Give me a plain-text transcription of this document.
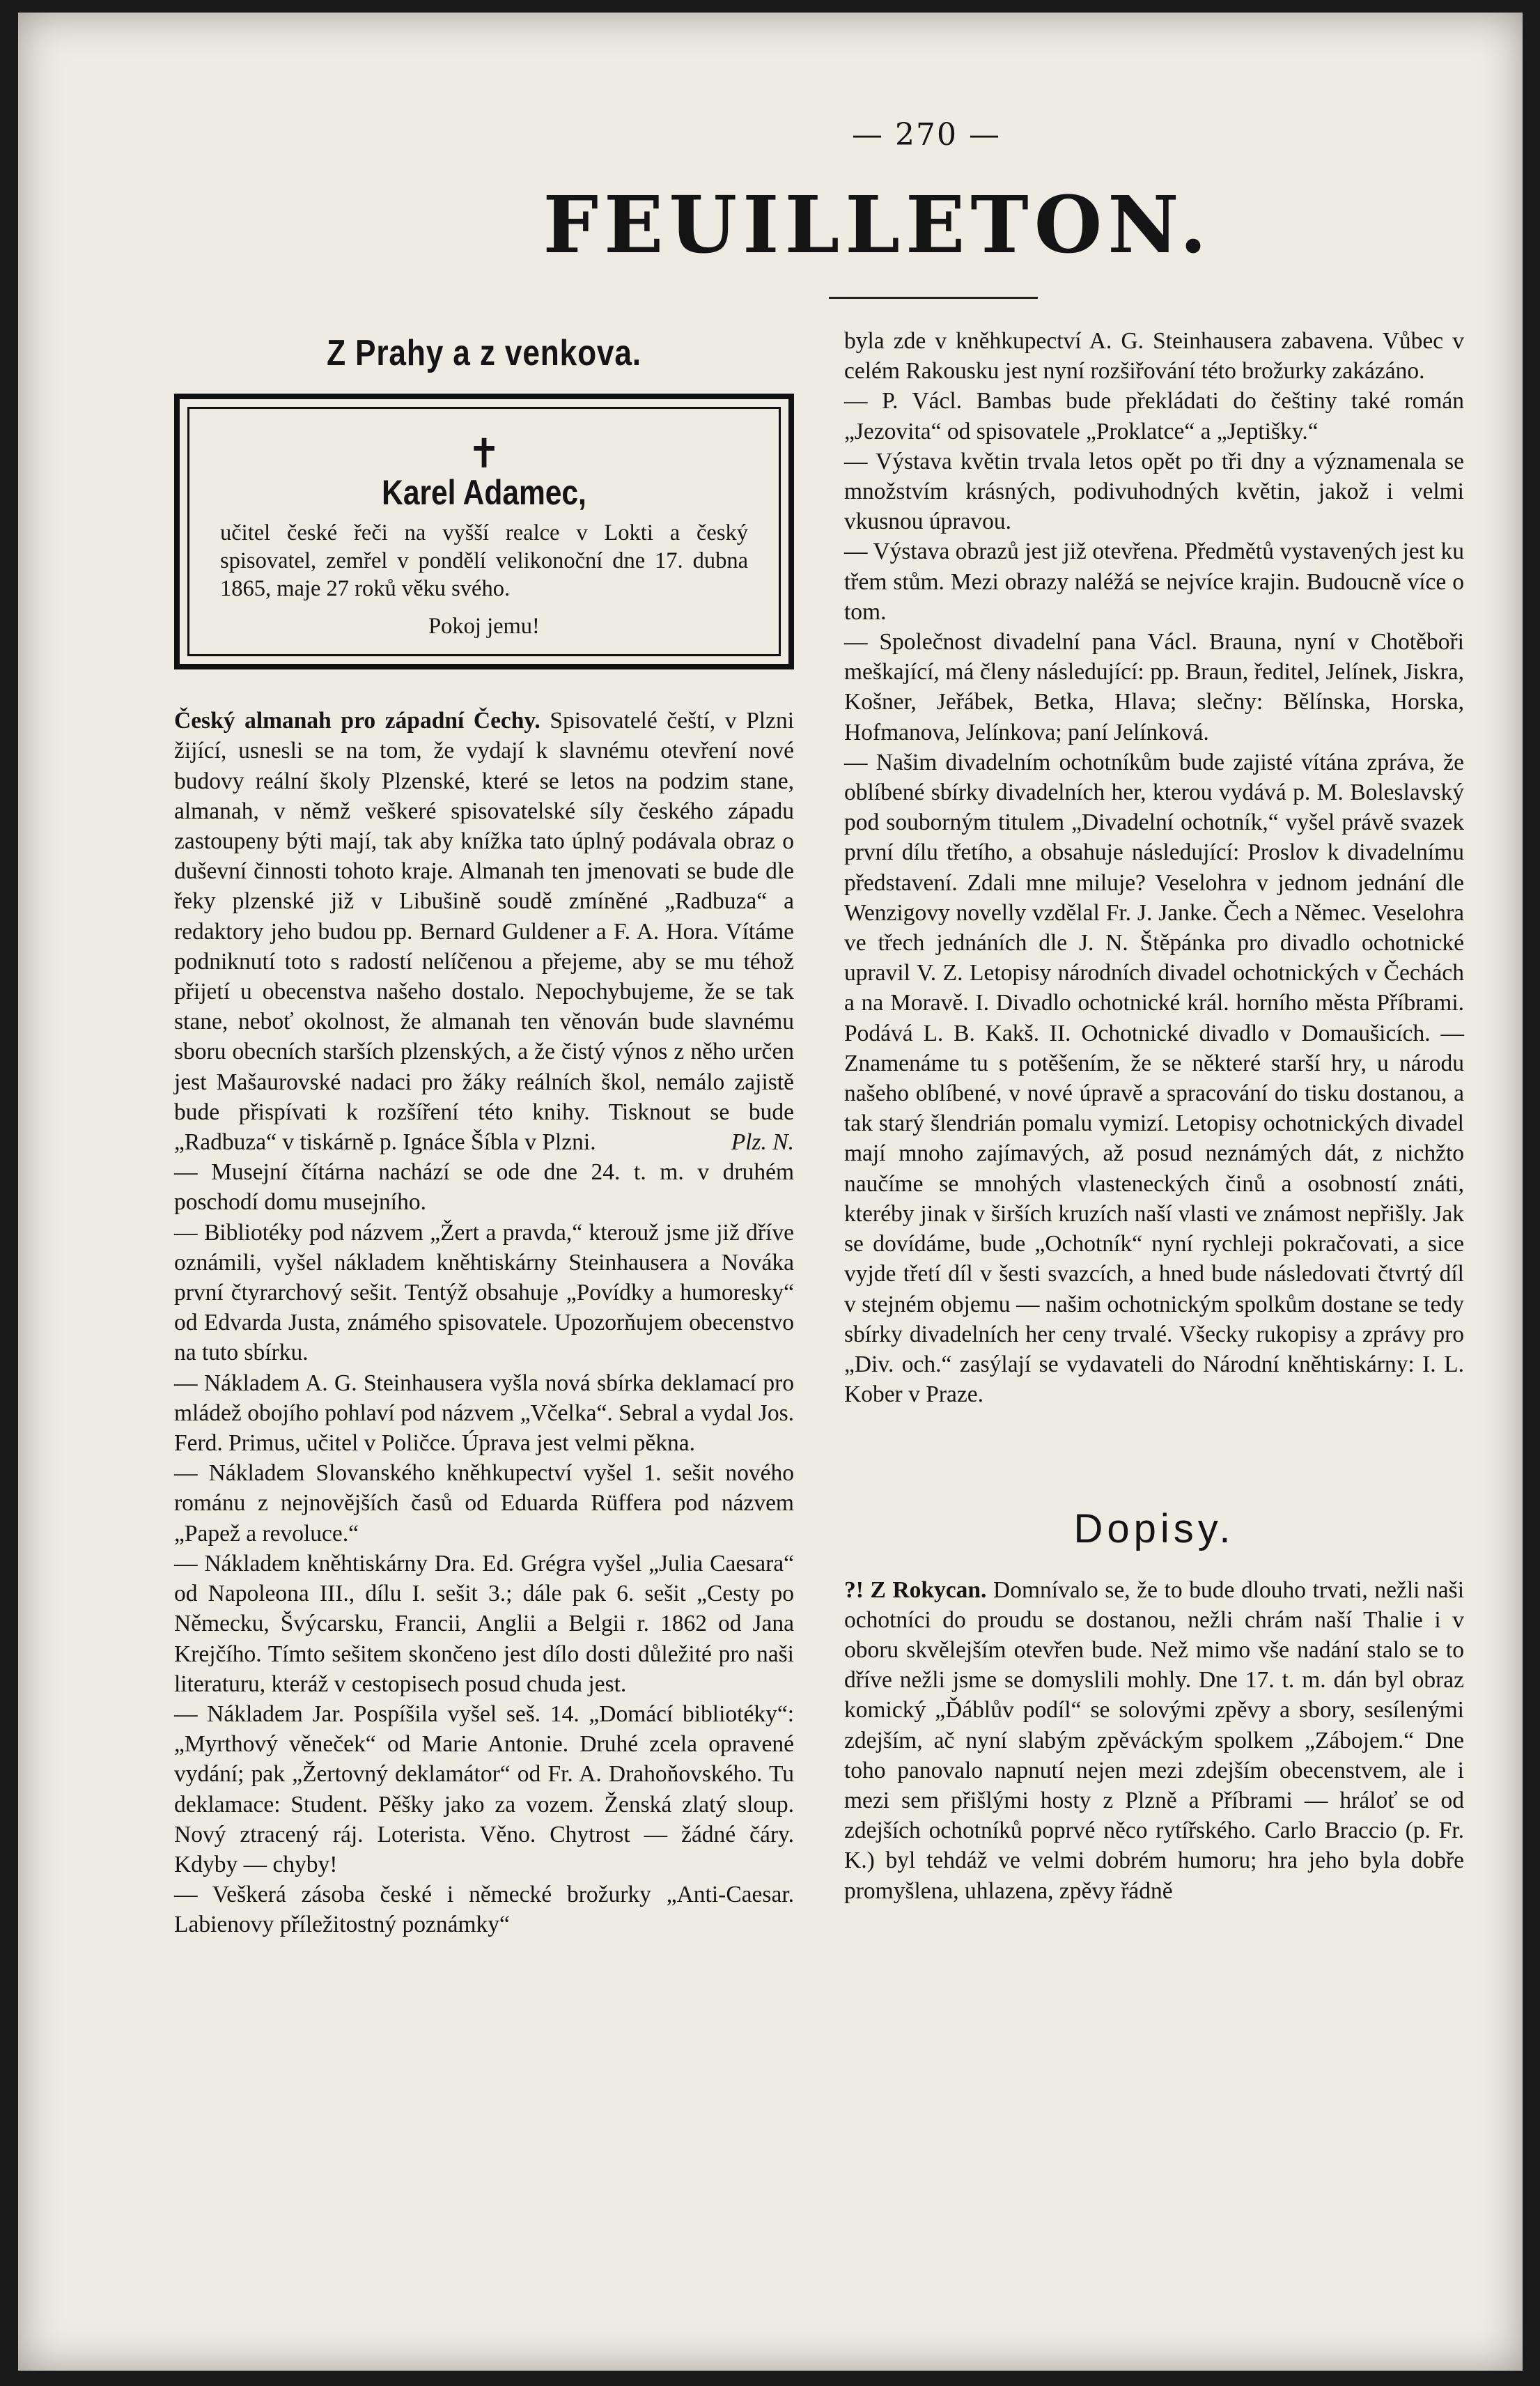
— 270 —
FEUILLETON.
Z Prahy a z venkova.
✝
Karel Adamec,
učitel české řeči na vyšší realce v Lokti a český spisovatel, zemřel v pondělí velikonoční dne 17. dubna 1865, maje 27 roků věku svého.
Pokoj jemu!

Český almanah pro západní Čechy. Spisovatelé čeští, v Plzni žijící, usnesli se na tom, že vydají k slavnému otevření nové budovy reální školy Plzenské, které se letos na podzim stane, almanah, v němž veškeré spisovatelské síly českého západu zastoupeny býti mají, tak aby knížka tato úplný podávala obraz o duševní činnosti tohoto kraje. Almanah ten jmenovati se bude dle řeky plzenské již v Libušině soudě zmíněné „Radbuza“ a redaktory jeho budou pp. Bernard Guldener a F. A. Hora. Vítáme podniknutí toto s radostí nelíčenou a přejeme, aby se mu téhož přijetí u obecenstva našeho dostalo. Nepochybujeme, že se tak stane, neboť okolnost, že almanah ten věnován bude slavnému sboru obecních starších plzenských, a že čistý výnos z něho určen jest Mašaurovské nadaci pro žáky reálních škol, nemálo zajistě bude přispívati k rozšíření této knihy. Tisknout se bude „Radbuza“ v tiskárně p. Ignáce Šíbla v Plzni.	Plz. N.

— Musejní čítárna nachází se ode dne 24. t. m. v druhém poschodí domu musejního.

— Bibliotéky pod názvem „Žert a pravda,“ kterouž jsme již dříve oznámili, vyšel nákladem kněhtiskárny Steinhausera a Nováka první čtyrarchový sešit. Tentýž obsahuje „Povídky a humoresky“ od Edvarda Justa, známého spisovatele. Upozorňujem obecenstvo na tuto sbírku.

— Nákladem A. G. Steinhausera vyšla nová sbírka deklamací pro mládež obojího pohlaví pod názvem „Včelka“. Sebral a vydal Jos. Ferd. Primus, učitel v Poličce. Úprava jest velmi pěkna.

— Nákladem Slovanského kněhkupectví vyšel 1. sešit nového románu z nejnovějších časů od Eduarda Rüffera pod názvem „Papež a revoluce.“

— Nákladem kněhtiskárny Dra. Ed. Grégra vyšel „Julia Caesara“ od Napoleona III., dílu I. sešit 3.; dále pak 6. sešit „Cesty po Německu, Švýcarsku, Francii, Anglii a Belgii r. 1862 od Jana Krejčího. Tímto sešitem skončeno jest dílo dosti důležité pro naši literaturu, kteráž v cestopisech posud chuda jest.

— Nákladem Jar. Pospíšila vyšel seš. 14. „Domácí bibliotéky“: „Myrthový věneček“ od Marie Antonie. Druhé zcela opravené vydání; pak „Žertovný deklamátor“ od Fr. A. Drahoňovského. Tu deklamace: Student. Pěšky jako za vozem. Ženská zlatý sloup. Nový ztracený ráj. Loterista. Věno. Chytrost — žádné čáry. Kdyby — chyby!

— Veškerá zásoba české i německé brožurky „Anti-Caesar. Labienovy příležitostný poznámky“

byla zde v kněhkupectví A. G. Steinhausera zabavena. Vůbec v celém Rakousku jest nyní rozšiřování této brožurky zakázáno.

— P. Václ. Bambas bude překládati do češtiny také román „Jezovita“ od spisovatele „Proklatce“ a „Jeptišky.“

— Výstava květin trvala letos opět po tři dny a významenala se množstvím krásných, podivuhodných květin, jakož i velmi vkusnou úpravou.

— Výstava obrazů jest již otevřena. Předmětů vystavených jest ku třem stům. Mezi obrazy naléžá se nejvíce krajin. Budoucně více o tom.

— Společnost divadelní pana Václ. Brauna, nyní v Chotěboři meškající, má členy následující: pp. Braun, ředitel, Jelínek, Jiskra, Košner, Jeřábek, Betka, Hlava; slečny: Bělínska, Horska, Hofmanova, Jelínkova; paní Jelínková.

— Našim divadelním ochotníkům bude zajisté vítána zpráva, že oblíbené sbírky divadelních her, kterou vydává p. M. Boleslavský pod souborným titulem „Divadelní ochotník,“ vyšel právě svazek první dílu třetího, a obsahuje následující: Proslov k divadelnímu představení. Zdali mne miluje? Veselohra v jednom jednání dle Wenzigovy novelly vzdělal Fr. J. Janke. Čech a Němec. Veselohra ve třech jednáních dle J. N. Štěpánka pro divadlo ochotnické upravil V. Z. Letopisy národních divadel ochotnických v Čechách a na Moravě. I. Divadlo ochotnické král. horního města Příbrami. Podává L. B. Kakš. II. Ochotnické divadlo v Domaušicích. — Znamenáme tu s potěšením, že se některé starší hry, u národu našeho oblíbené, v nové úpravě a spracování do tisku dostanou, a tak starý šlendrián pomalu vymizí. Letopisy ochotnických divadel mají mnoho zajímavých, až posud neznámých dát, z nichžto naučíme se mnohých vlasteneckých činů a osobností znáti, kteréby jinak v širších kruzích naší vlasti ve známost nepřišly. Jak se dovídáme, bude „Ochotník“ nyní rychleji pokračovati, a sice vyjde třetí díl v šesti svazcích, a hned bude následovati čtvrtý díl v stejném objemu — našim ochotnickým spolkům dostane se tedy sbírky divadelních her ceny trvalé. Všecky rukopisy a zprávy pro „Div. och.“ zasýlají se vydavateli do Národní kněhtiskárny: I. L. Kober v Praze.

Dopisy.

?! Z Rokycan. Domnívalo se, že to bude dlouho trvati, nežli naši ochotníci do proudu se dostanou, nežli chrám naší Thalie i v oboru skvělejším otevřen bude. Než mimo vše nadání stalo se to dříve nežli jsme se domyslili mohly. Dne 17. t. m. dán byl obraz komický „Ďáblův podíl“ se solovými zpěvy a sbory, sesílenými zdejším, ač nyní slabým zpěváckým spolkem „Zábojem.“ Dne toho panovalo napnutí nejen mezi zdejším obecenstvem, ale i mezi sem přišlými hosty z Plzně a Příbrami — hráloť se od zdejších ochotníků poprvé něco rytířského. Carlo Braccio (p. Fr. K.) byl tehdáž ve velmi dobrém humoru; hra jeho byla dobře promyšlena, uhlazena, zpěvy řádně
